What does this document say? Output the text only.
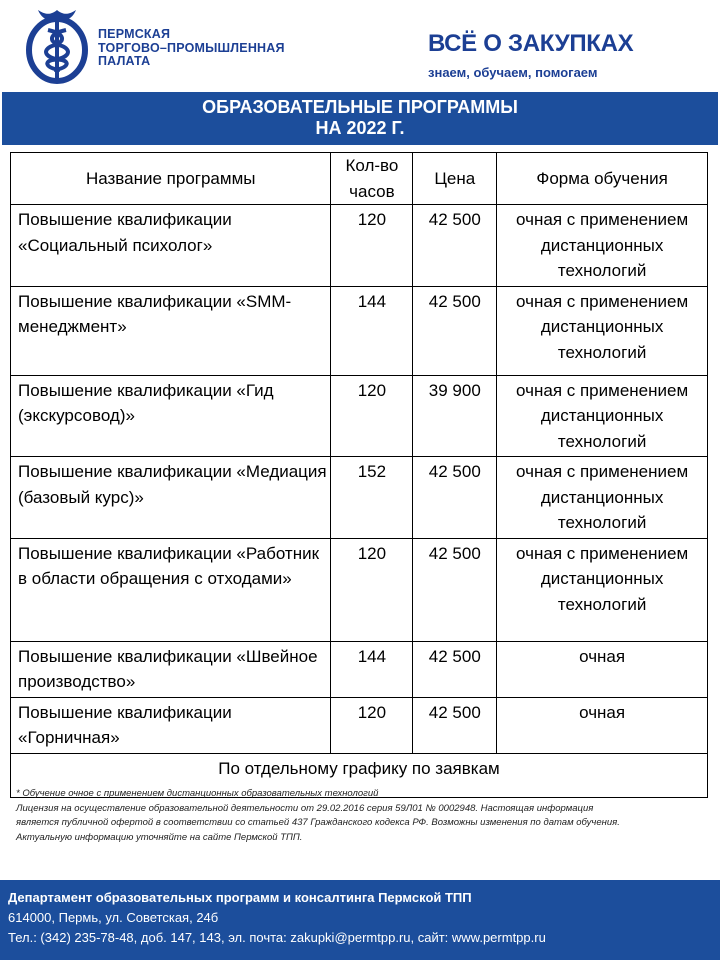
ПЕРМСКАЯ
ТОРГОВО–ПРОМЫШЛЕННАЯ
ПАЛАТА
ВСЁ О ЗАКУПКАХ
знаем, обучаем, помогаем
ОБРАЗОВАТЕЛЬНЫЕ ПРОГРАММЫ
НА 2022 Г.
Название программы	Кол-во часов	Цена	Форма обучения
Повышение квалификации «Социальный психолог»	120	42 500	очная с применением дистанционных технологий
Повышение квалификации «SMM-менеджмент»	144	42 500	очная с применением дистанционных технологий
Повышение квалификации «Гид (экскурсовод)»	120	39 900	очная с применением дистанционных технологий
Повышение квалификации «Медиация (базовый курс)»	152	42 500	очная с применением дистанционных технологий
Повышение квалификации «Работник в области обращения с отходами»	120	42 500	очная с применением дистанционных технологий
Повышение квалификации «Швейное производство»	144	42 500	очная
Повышение квалификации «Горничная»	120	42 500	очная
По отдельному графику по заявкам			
* Обучение очное с применением дистанционных образовательных технологий
Лицензия на осуществление образовательной деятельности от 29.02.2016 серия 59Л01 № 0002948. Настоящая информация
является публичной офертой в соответствии со статьей 437 Гражданского кодекса РФ. Возможны изменения по датам обучения.
Актуальную информацию уточняйте на сайте Пермской ТПП.
Департамент образовательных программ и консалтинга Пермской ТПП
614000, Пермь, ул. Советская, 24б
Тел.: (342) 235-78-48, доб. 147, 143, эл. почта: zakupki@permtpp.ru, сайт: www.permtpp.ru
